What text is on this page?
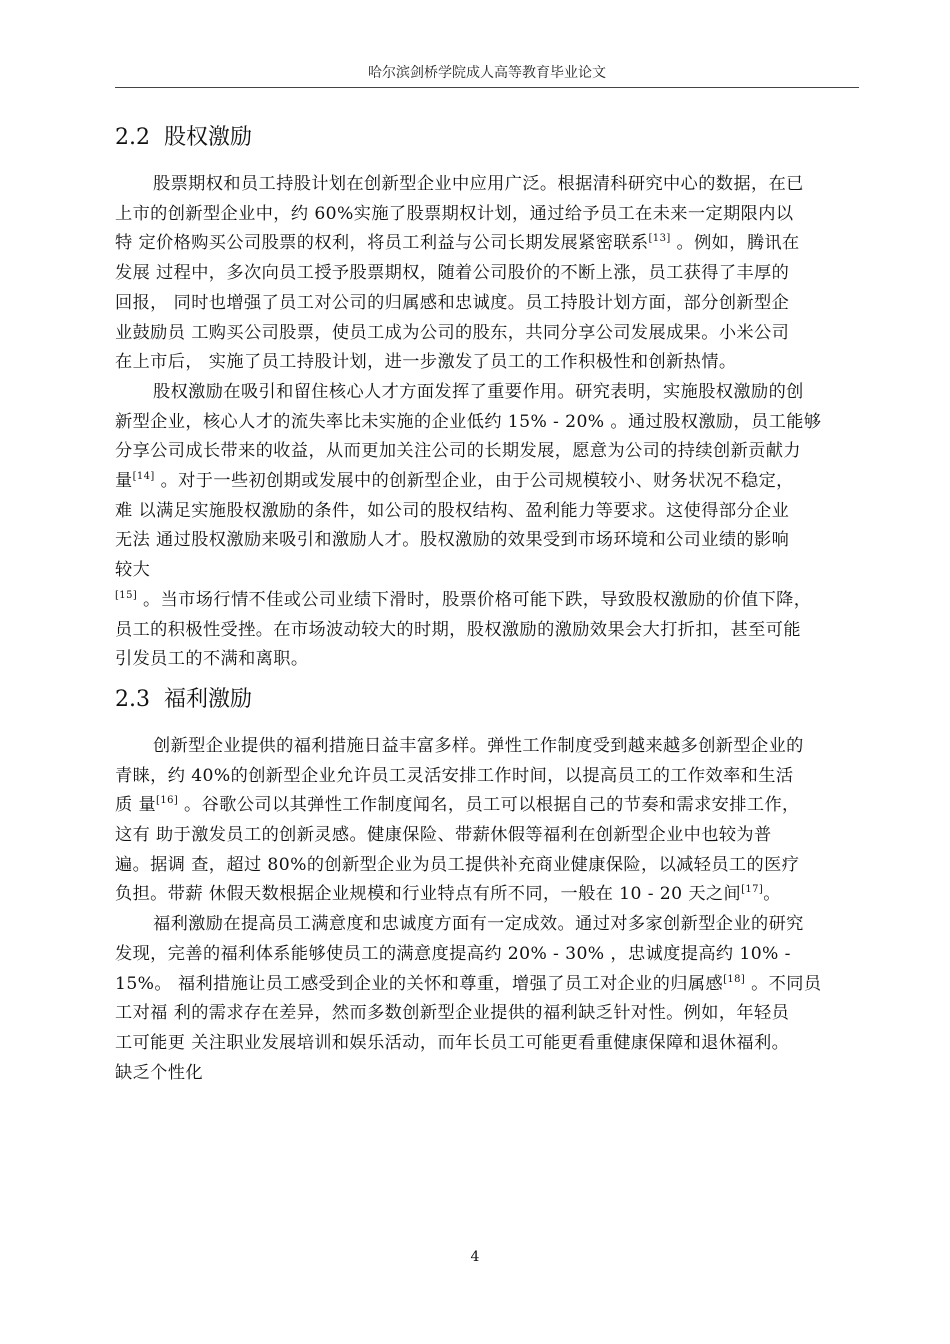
哈尔滨剑桥学院成人高等教育毕业论文
2.2 股权激励

股票期权和员工持股计划在创新型企业中应用广泛。根据清科研究中心的数据，在已
上市的创新型企业中，约 60%实施了股票期权计划，通过给予员工在未来一定期限内以
特 定价格购买公司股票的权利，将员工利益与公司长期发展紧密联系[13] 。例如，腾讯在
发展 过程中，多次向员工授予股票期权，随着公司股价的不断上涨，员工获得了丰厚的
回报， 同时也增强了员工对公司的归属感和忠诚度。员工持股计划方面，部分创新型企
业鼓励员 工购买公司股票，使员工成为公司的股东，共同分享公司发展成果。小米公司
在上市后， 实施了员工持股计划，进一步激发了员工的工作积极性和创新热情。

股权激励在吸引和留住核心人才方面发挥了重要作用。研究表明，实施股权激励的创
新型企业，核心人才的流失率比未实施的企业低约 15% - 20% 。通过股权激励，员工能够
分享公司成长带来的收益，从而更加关注公司的长期发展，愿意为公司的持续创新贡献力
量[14] 。对于一些初创期或发展中的创新型企业，由于公司规模较小、财务状况不稳定，
难 以满足实施股权激励的条件，如公司的股权结构、盈利能力等要求。这使得部分企业
无法 通过股权激励来吸引和激励人才。股权激励的效果受到市场环境和公司业绩的影响
较大
[15] 。当市场行情不佳或公司业绩下滑时，股票价格可能下跌，导致股权激励的价值下降，
员工的积极性受挫。在市场波动较大的时期，股权激励的激励效果会大打折扣，甚至可能
引发员工的不满和离职。

2.3 福利激励

创新型企业提供的福利措施日益丰富多样。弹性工作制度受到越来越多创新型企业的
青睐，约 40%的创新型企业允许员工灵活安排工作时间，以提高员工的工作效率和生活
质 量[16] 。谷歌公司以其弹性工作制度闻名，员工可以根据自己的节奏和需求安排工作，
这有 助于激发员工的创新灵感。健康保险、带薪休假等福利在创新型企业中也较为普
遍。据调 查，超过 80%的创新型企业为员工提供补充商业健康保险，以减轻员工的医疗
负担。带薪 休假天数根据企业规模和行业特点有所不同，一般在 10 - 20 天之间[17]。

福利激励在提高员工满意度和忠诚度方面有一定成效。通过对多家创新型企业的研究
发现，完善的福利体系能够使员工的满意度提高约 20% - 30% ，忠诚度提高约 10% -
15%。 福利措施让员工感受到企业的关怀和尊重，增强了员工对企业的归属感[18] 。不同员
工对福 利的需求存在差异，然而多数创新型企业提供的福利缺乏针对性。例如，年轻员
工可能更 关注职业发展培训和娱乐活动，而年长员工可能更看重健康保障和退休福利。
缺乏个性化

4
